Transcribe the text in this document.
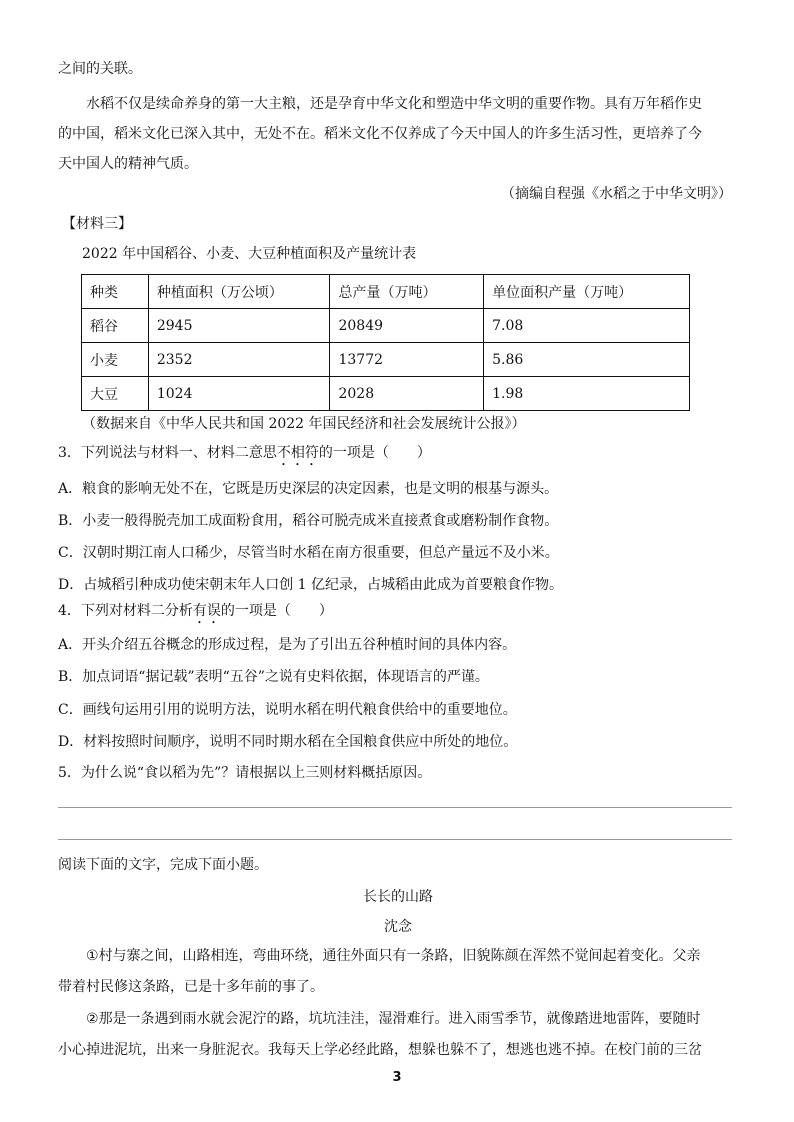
之间的关联。
水稻不仅是续命养身的第一大主粮，还是孕育中华文化和塑造中华文明的重要作物。具有万年稻作史
的中国，稻米文化已深入其中，无处不在。稻米文化不仅养成了今天中国人的许多生活习性，更培养了今
天中国人的精神气质。
（摘编自程强《水稻之于中华文明》）
【材料三】
2022 年中国稻谷、小麦、大豆种植面积及产量统计表
种类	种植面积（万公顷）	总产量（万吨）	单位面积产量（万吨）
稻谷	2945	20849	7.08
小麦	2352	13772	5.86
大豆	1024	2028	1.98
（数据来自《中华人民共和国 2022 年国民经济和社会发展统计公报》）
3．下列说法与材料一、材料二意思不相符的一项是（　　）
A．粮食的影响无处不在，它既是历史深层的决定因素，也是文明的根基与源头。
B．小麦一般得脱壳加工成面粉食用，稻谷可脱壳成米直接煮食或磨粉制作食物。
C．汉朝时期江南人口稀少，尽管当时水稻在南方很重要，但总产量远不及小米。
D．占城稻引种成功使宋朝末年人口创 1 亿纪录，占城稻由此成为首要粮食作物。
4．下列对材料二分析有误的一项是（　　）
A．开头介绍五谷概念的形成过程，是为了引出五谷种植时间的具体内容。
B．加点词语“据记载”表明“五谷”之说有史料依据，体现语言的严谨。
C．画线句运用引用的说明方法，说明水稻在明代粮食供给中的重要地位。
D．材料按照时间顺序，说明不同时期水稻在全国粮食供应中所处的地位。
5．为什么说“食以稻为先”？请根据以上三则材料概括原因。
阅读下面的文字，完成下面小题。
长长的山路
沈念
①村与寨之间，山路相连，弯曲环绕，通往外面只有一条路，旧貌陈颜在浑然不觉间起着变化。父亲
带着村民修这条路，已是十多年前的事了。
②那是一条遇到雨水就会泥泞的路，坑坑洼洼，湿滑难行。进入雨雪季节，就像踏进地雷阵，要随时
小心掉进泥坑，出来一身脏泥衣。我每天上学必经此路，想躲也躲不了，想逃也逃不掉。在校门前的三岔
3
